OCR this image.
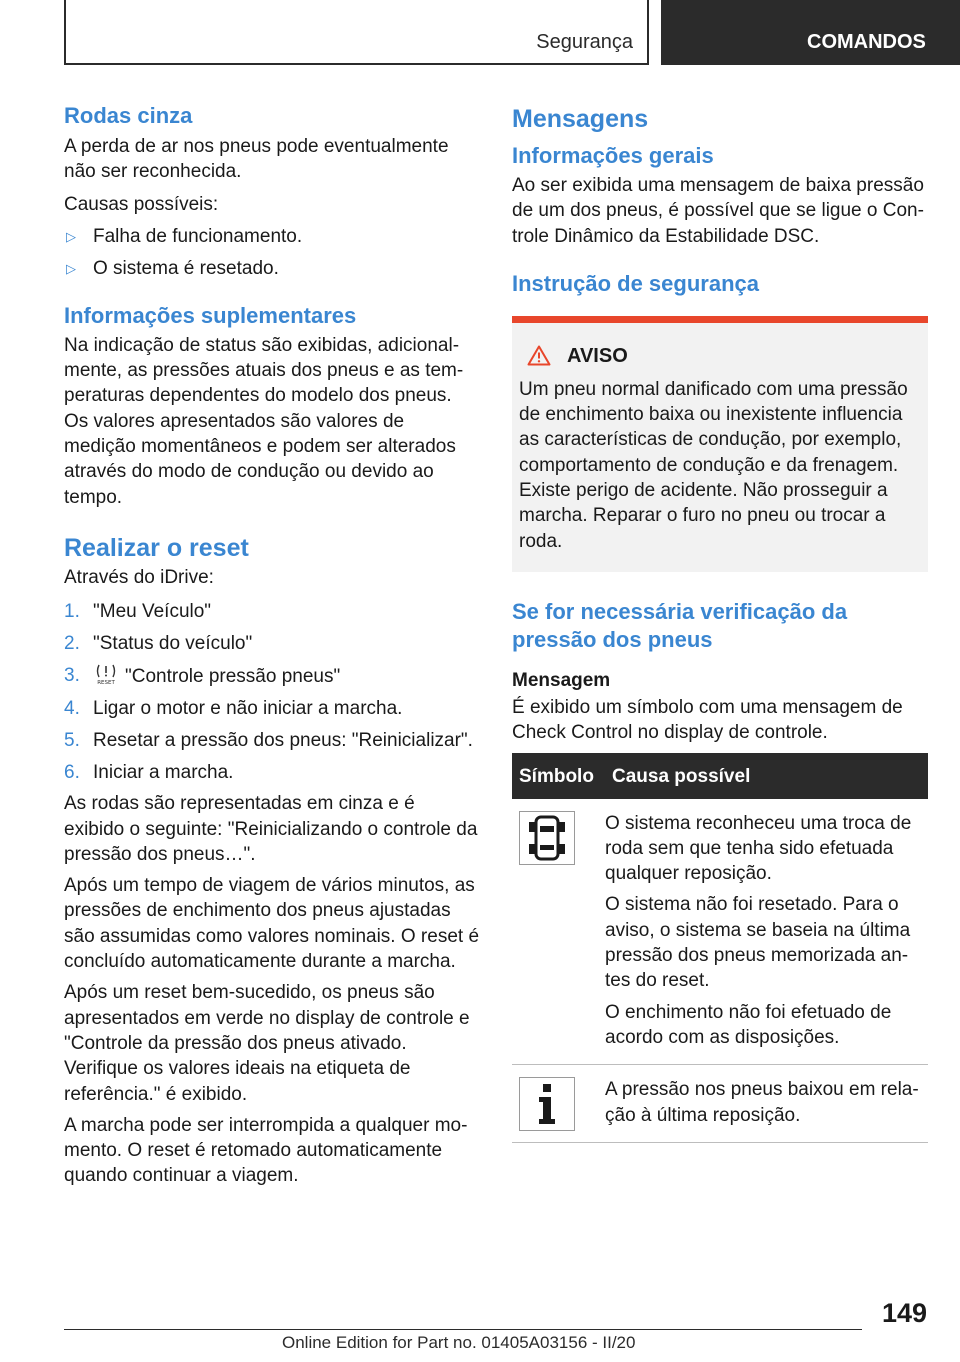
Segurança	COMANDOS
Rodas cinza
A perda de ar nos pneus pode eventualmente não ser reconhecida.
Causas possíveis:
▷ Falha de funcionamento.
▷ O sistema é resetado.
Informações suplementares
Na indicação de status são exibidas, adicionalmente, as pressões atuais dos pneus e as temperaturas dependentes do modelo dos pneus. Os valores apresentados são valores de medição momentâneos e podem ser alterados através do modo de condução ou devido ao tempo.
Realizar o reset
Através do iDrive:
1. "Meu Veículo"
2. "Status do veículo"
3.	RESET "Controle pressão pneus"
4. Ligar o motor e não iniciar a marcha.
5. Resetar a pressão dos pneus: "Reinicializar".
6. Iniciar a marcha.
As rodas são representadas em cinza e é exibido o seguinte: "Reinicializando o controle da pressão dos pneus…".
Após um tempo de viagem de vários minutos, as pressões de enchimento dos pneus ajustadas são assumidas como valores nominais. O reset é concluído automaticamente durante a marcha.
Após um reset bem-sucedido, os pneus são apresentados em verde no display de controle e "Controle da pressão dos pneus ativado. Verifique os valores ideais na etiqueta de referência." é exibido.
A marcha pode ser interrompida a qualquer momento. O reset é retomado automaticamente quando continuar a viagem.
Mensagens
Informações gerais
Ao ser exibida uma mensagem de baixa pressão de um dos pneus, é possível que se ligue o Controle Dinâmico da Estabilidade DSC.
Instrução de segurança
AVISO
Um pneu normal danificado com uma pressão de enchimento baixa ou inexistente influencia as características de condução, por exemplo, comportamento de condução e da frenagem. Existe perigo de acidente. Não prosseguir a marcha. Reparar o furo no pneu ou trocar a roda.
Se for necessária verificação da pressão dos pneus
Mensagem
É exibido um símbolo com uma mensagem de Check Control no display de controle.
Símbolo	Causa possível

O sistema reconheceu uma troca de roda sem que tenha sido efetuada qualquer reposição.
O sistema não foi resetado. Para o aviso, o sistema se baseia na última pressão dos pneus memorizada antes do reset.
O enchimento não foi efetuado de acordo com as disposições.

A pressão nos pneus baixou em relação à última reposição.
149
Online Edition for Part no. 01405A03156 - II/20
